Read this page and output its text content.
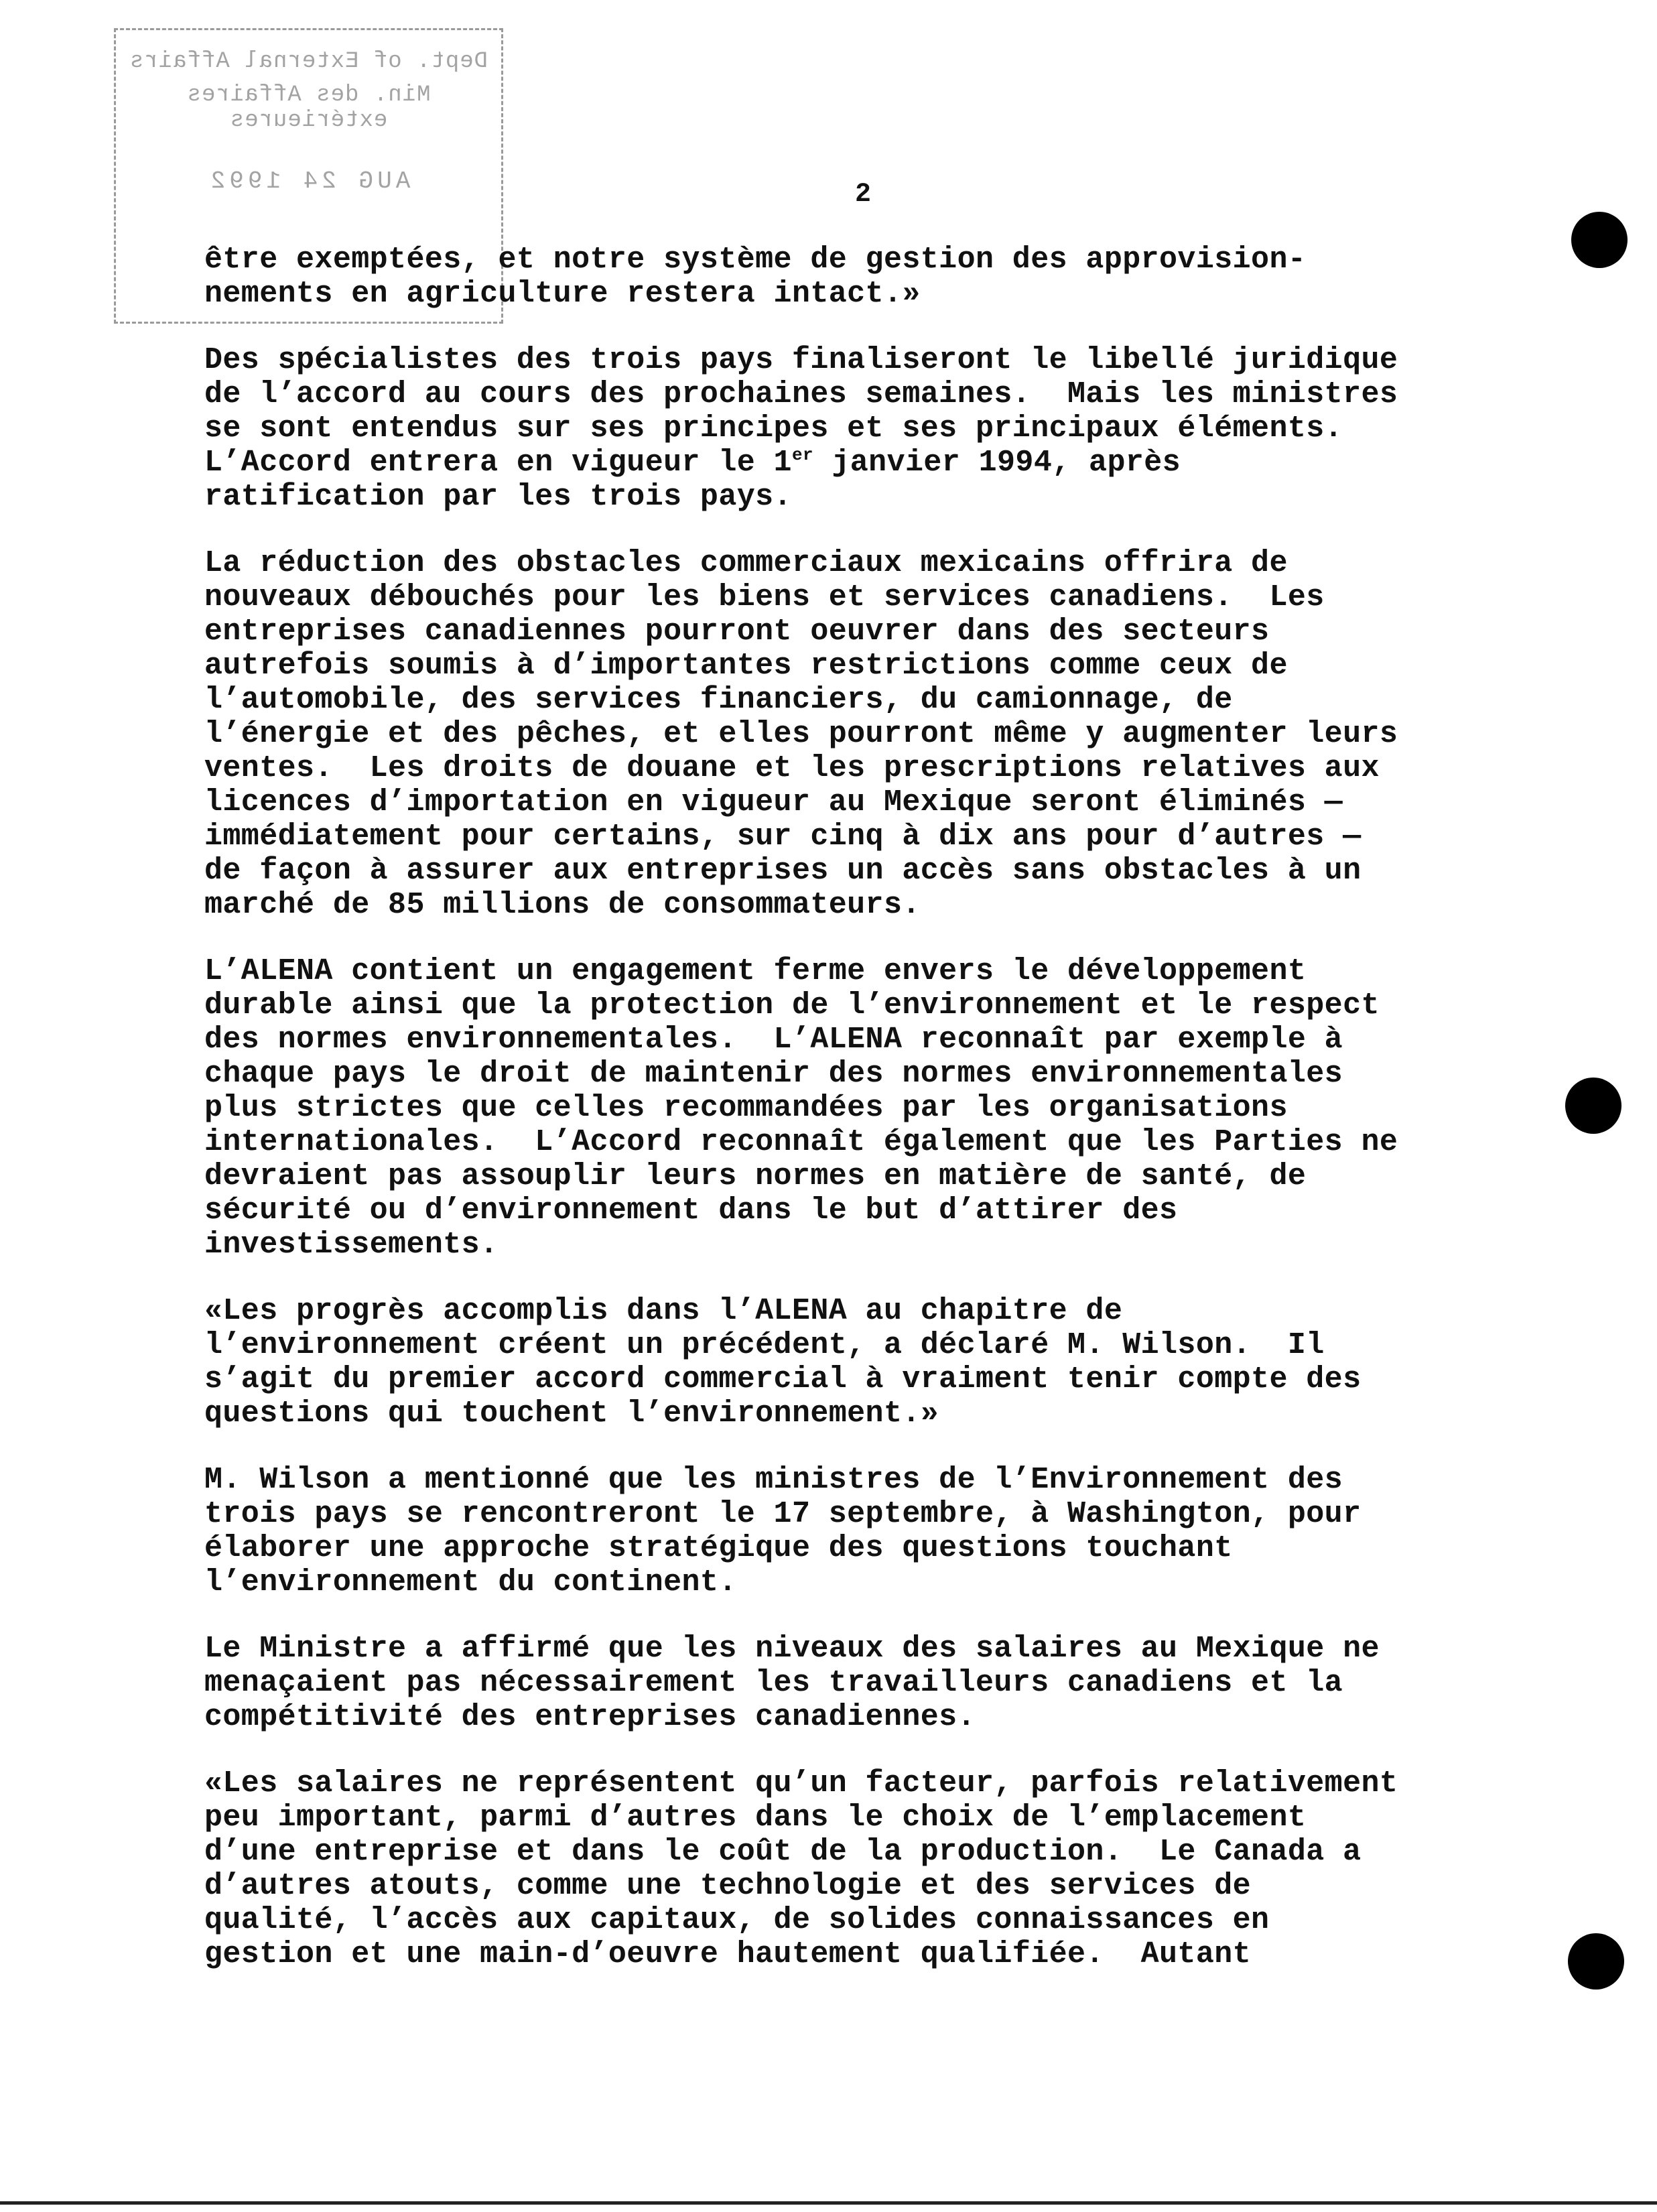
Dept. of External Affairs
Min. des Affaires extérieures
AUG 24 1992	2
être exemptées, et notre système de gestion des approvision-
nements en agriculture restera intact.»
Des spécialistes des trois pays finaliseront le libellé juridique
de l’accord au cours des prochaines semaines.  Mais les ministres
se sont entendus sur ses principes et ses principaux éléments.
L’Accord entrera en vigueur le 1er janvier 1994, après
ratification par les trois pays.
La réduction des obstacles commerciaux mexicains offrira de
nouveaux débouchés pour les biens et services canadiens.  Les
entreprises canadiennes pourront oeuvrer dans des secteurs
autrefois soumis à d’importantes restrictions comme ceux de
l’automobile, des services financiers, du camionnage, de
l’énergie et des pêches, et elles pourront même y augmenter leurs
ventes.  Les droits de douane et les prescriptions relatives aux
licences d’importation en vigueur au Mexique seront éliminés —
immédiatement pour certains, sur cinq à dix ans pour d’autres —
de façon à assurer aux entreprises un accès sans obstacles à un
marché de 85 millions de consommateurs.
L’ALENA contient un engagement ferme envers le développement
durable ainsi que la protection de l’environnement et le respect
des normes environnementales.  L’ALENA reconnaît par exemple à
chaque pays le droit de maintenir des normes environnementales
plus strictes que celles recommandées par les organisations
internationales.  L’Accord reconnaît également que les Parties ne
devraient pas assouplir leurs normes en matière de santé, de
sécurité ou d’environnement dans le but d’attirer des
investissements.
«Les progrès accomplis dans l’ALENA au chapitre de
l’environnement créent un précédent, a déclaré M. Wilson.  Il
s’agit du premier accord commercial à vraiment tenir compte des
questions qui touchent l’environnement.»
M. Wilson a mentionné que les ministres de l’Environnement des
trois pays se rencontreront le 17 septembre, à Washington, pour
élaborer une approche stratégique des questions touchant
l’environnement du continent.
Le Ministre a affirmé que les niveaux des salaires au Mexique ne
menaçaient pas nécessairement les travailleurs canadiens et la
compétitivité des entreprises canadiennes.
«Les salaires ne représentent qu’un facteur, parfois relativement
peu important, parmi d’autres dans le choix de l’emplacement
d’une entreprise et dans le coût de la production.  Le Canada a
d’autres atouts, comme une technologie et des services de
qualité, l’accès aux capitaux, de solides connaissances en
gestion et une main-d’oeuvre hautement qualifiée.  Autant
